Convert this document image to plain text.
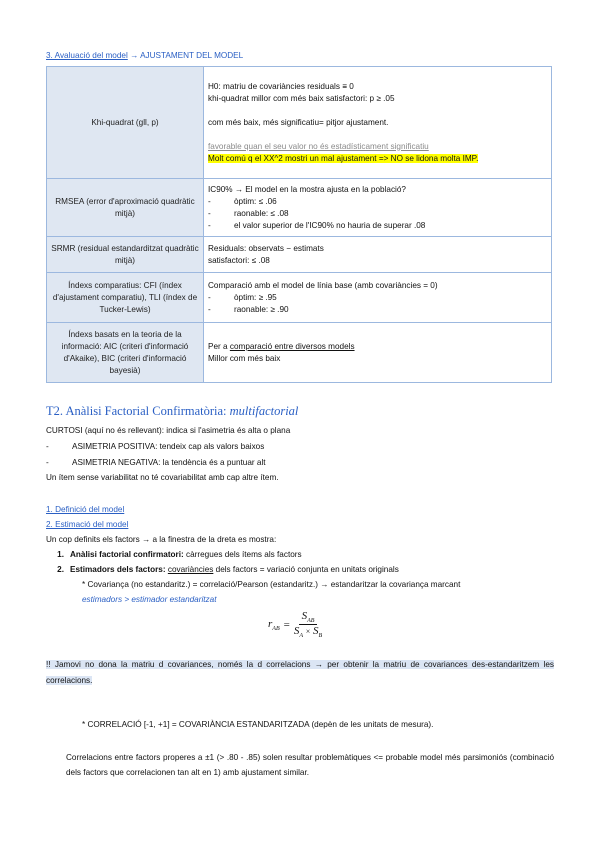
3. Avaluació del model → AJUSTAMENT DEL MODEL
Khi-quadrat (gll, p)	H0: matriu de covariàncies residuals ≡ 0
khi-quadrat millor com més baix satisfactori: p ≥ .05
com més baix, més significatiu= pitjor ajustament.
favorable quan el seu valor no és estadísticament significatiu
Molt comú q el XX^2 mostri un mal ajustament => NO se lidona molta IMP.

RMSEA (error d'aproximació quadràtic mitjà)	IC90% → El model en la mostra ajusta en la població?
- òptim: ≤ .06
- raonable: ≤ .08
- el valor superior de l'IC90% no hauria de superar .08

SRMR (residual estandarditzat quadràtic mitjà)	Residuals: observats − estimats
satisfactori: ≤ .08

Índexs comparatius: CFI (índex d'ajustament comparatiu), TLI (índex de Tucker-Lewis)	Comparació amb el model de línia base (amb covariàncies = 0)
- òptim: ≥ .95
- raonable: ≥ .90

Índexs basats en la teoria de la informació: AIC (criteri d'informació d'Akaike), BIC (criteri d'informació bayesià)	Per a comparació entre diversos models
Millor com més baix
T2. Anàlisi Factorial Confirmatòria: multifactorial

CURTOSI (aquí no és rellevant): indica si l'asimetria és alta o plana

-	ASIMETRIA POSITIVA: tendeix cap als valors baixos

-	ASIMETRIA NEGATIVA: la tendència és a puntuar alt

Un ítem sense variabilitat no té covariabilitat amb cap altre ítem.

1. Definició del model

2. Estimació del model

Un cop definits els factors → a la finestra de la dreta es mostra:

1. Anàlisi factorial confirmatori: càrregues dels ítems als factors

2. Estimadors dels factors: covariàncies dels factors = variació conjunta en unitats originals

* Covariança (no estandaritz.) = correlació/Pearson (estandaritz.) → estandaritzar la covariança marcant

estimadors > estimador estandaritzat

$r_{AB}$ =
$S_{AB}$
$S_A \times S_B$
!! Jamovi no dona la matriu d covariances, només la d correlacions → per obtenir la matriu de covariances des-estandaritzem les correlacions.

* CORRELACIÓ [-1, +1] = COVARIÀNCIA ESTANDARITZADA (depèn de les unitats de mesura).

Correlacions entre factors properes a ±1 (> .80 - .85) solen resultar problemàtiques <= probable model més parsimoniós (combinació dels factors que correlacionen tan alt en 1) amb ajustament similar.
